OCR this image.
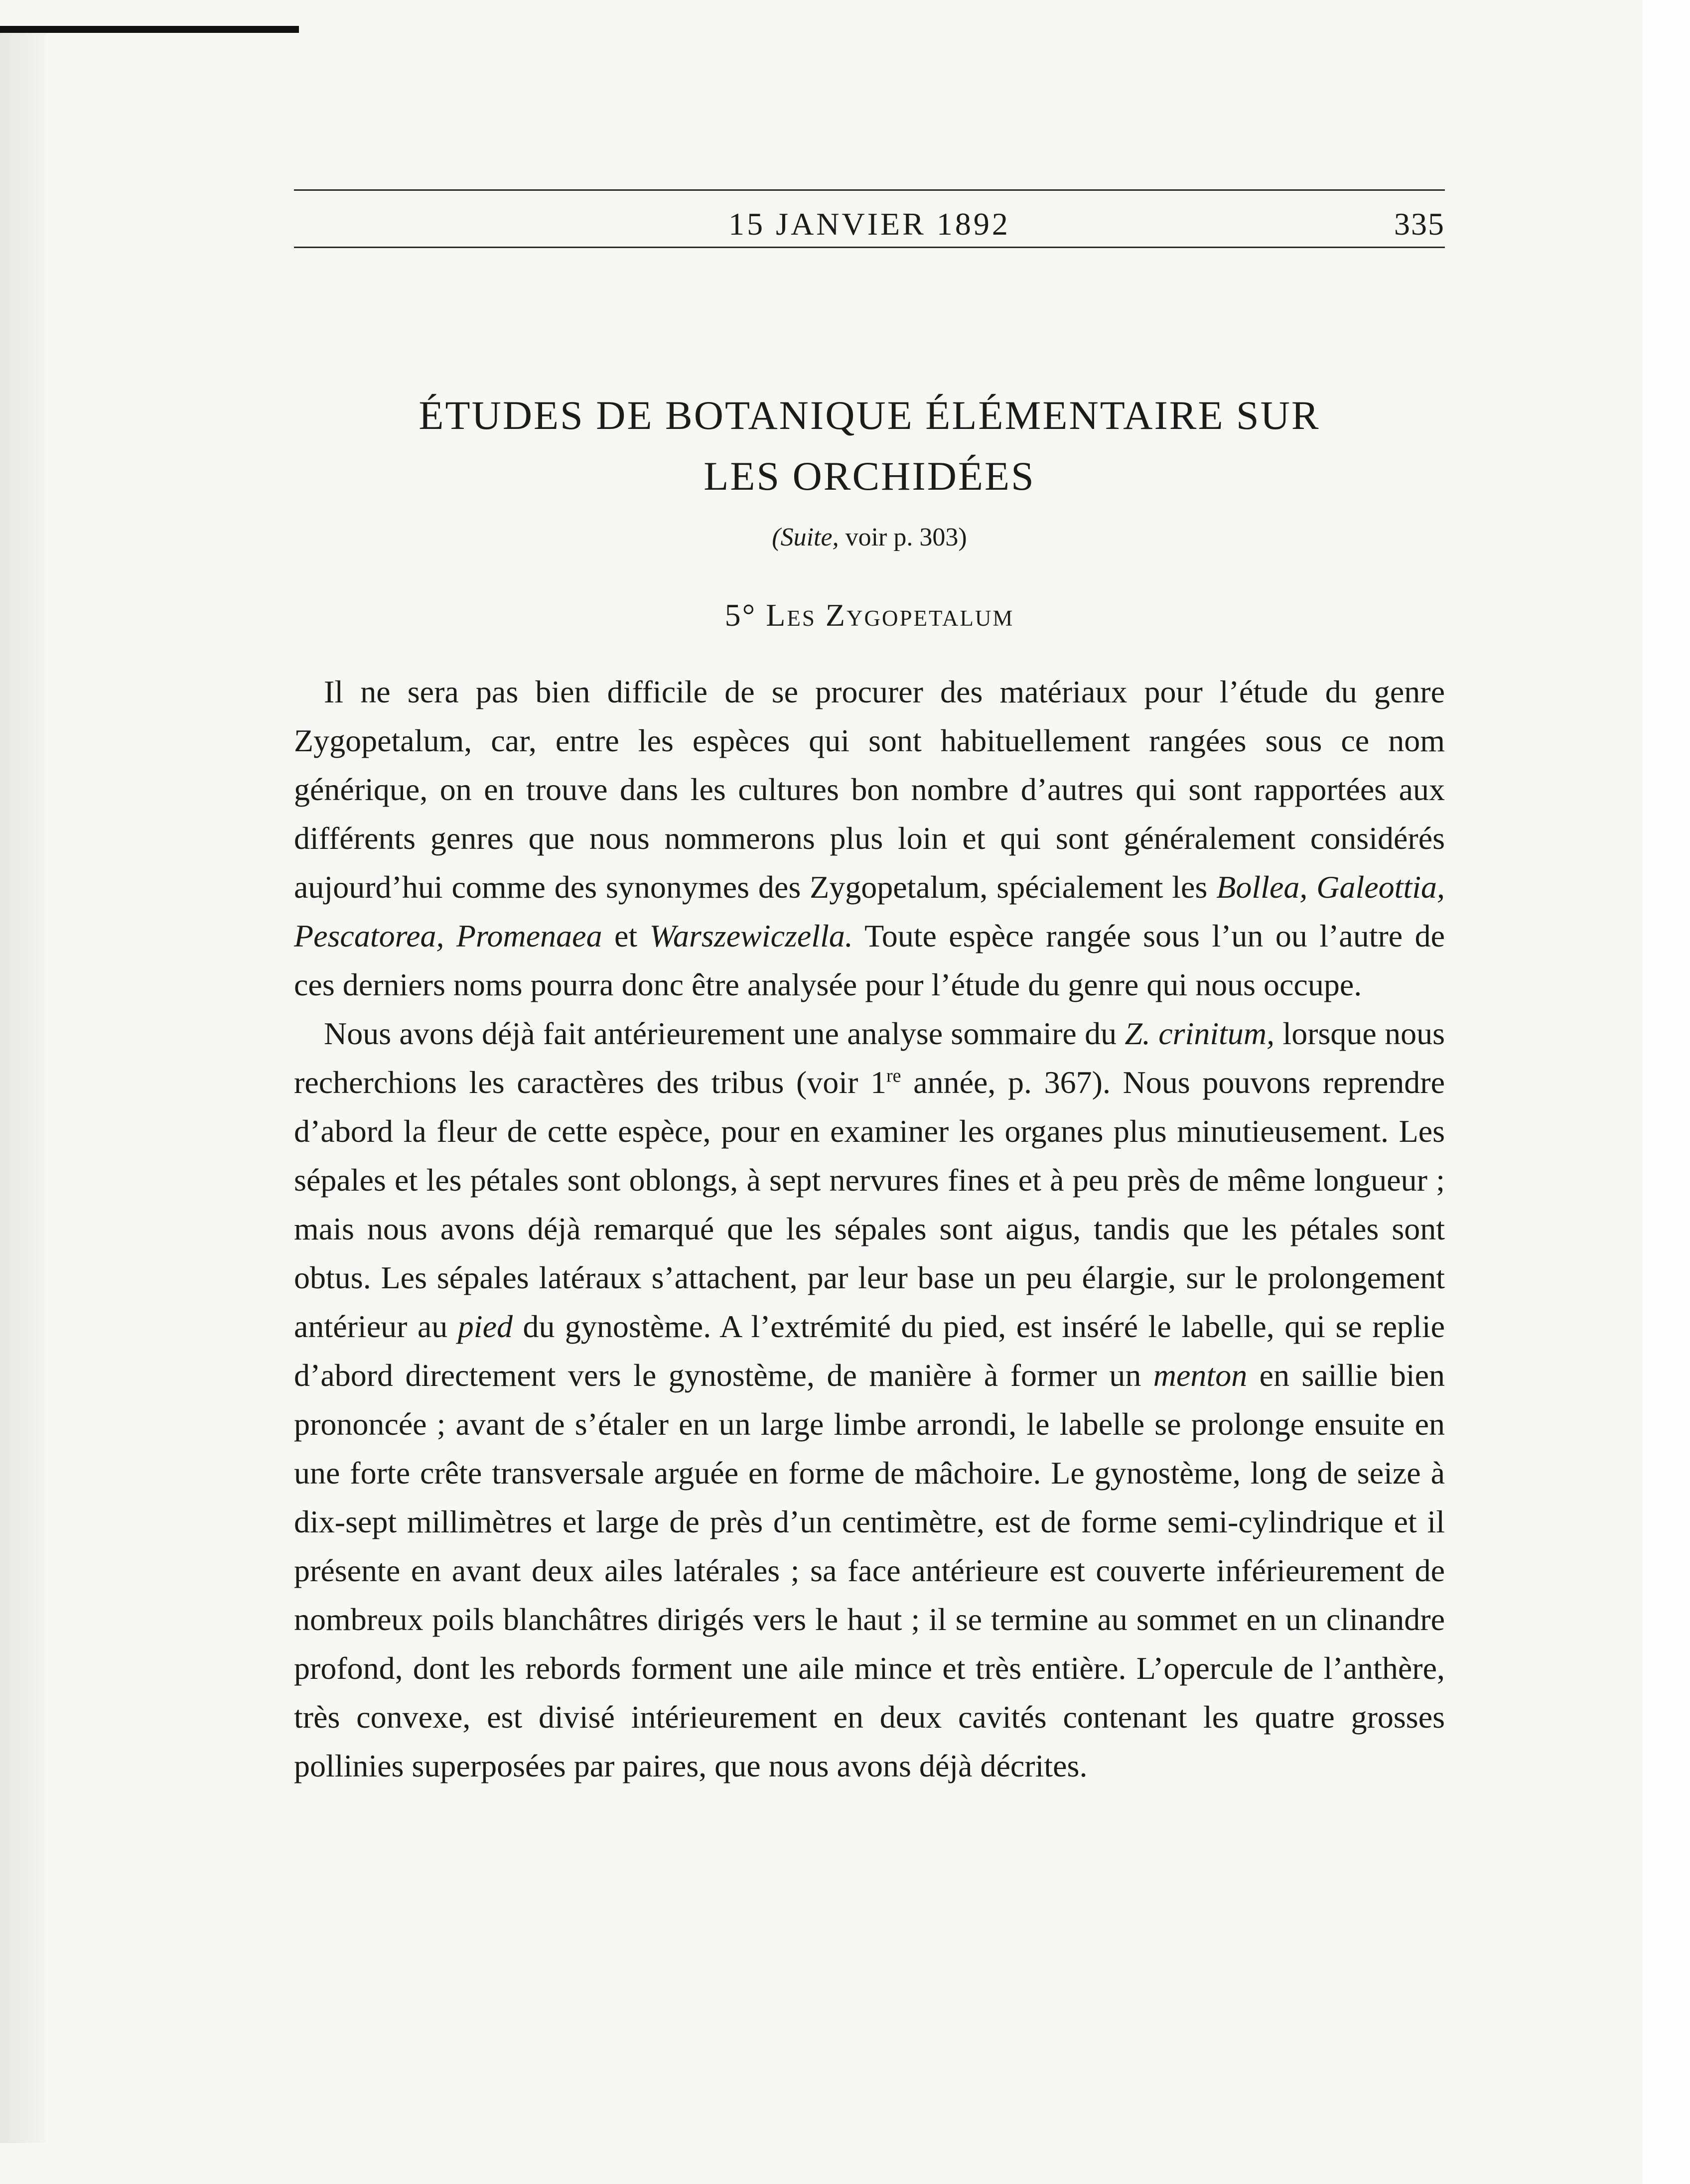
15 JANVIER 1892	335
ÉTUDES DE BOTANIQUE ÉLÉMENTAIRE SUR
LES ORCHIDÉES
(Suite, voir p. 303)
5° Les Zygopetalum

Il ne sera pas bien difficile de se procurer des matériaux pour l’étude du genre Zygopetalum, car, entre les espèces qui sont habituellement rangées sous ce nom générique, on en trouve dans les cultures bon nombre d’autres qui sont rapportées aux différents genres que nous nommerons plus loin et qui sont généralement considérés aujourd’hui comme des synonymes des Zygopetalum, spécialement les Bollea, Galeottia, Pescatorea, Promenaea et Warszewiczella. Toute espèce rangée sous l’un ou l’autre de ces derniers noms pourra donc être analysée pour l’étude du genre qui nous occupe.

Nous avons déjà fait antérieurement une analyse sommaire du Z. crinitum, lorsque nous recherchions les caractères des tribus (voir 1re année, p. 367). Nous pouvons reprendre d’abord la fleur de cette espèce, pour en examiner les organes plus minutieusement. Les sépales et les pétales sont oblongs, à sept nervures fines et à peu près de même longueur ; mais nous avons déjà remarqué que les sépales sont aigus, tandis que les pétales sont obtus. Les sépales latéraux s’attachent, par leur base un peu élargie, sur le prolongement antérieur au pied du gynostème. A l’extrémité du pied, est inséré le labelle, qui se replie d’abord directement vers le gynostème, de manière à former un menton en saillie bien prononcée ; avant de s’étaler en un large limbe arrondi, le labelle se prolonge ensuite en une forte crête transversale arguée en forme de mâchoire. Le gynostème, long de seize à dix-sept millimètres et large de près d’un centimètre, est de forme semi-cylindrique et il présente en avant deux ailes latérales ; sa face antérieure est couverte inférieurement de nombreux poils blanchâtres dirigés vers le haut ; il se termine au sommet en un clinandre profond, dont les rebords forment une aile mince et très entière. L’opercule de l’anthère, très convexe, est divisé intérieurement en deux cavités contenant les quatre grosses pollinies superposées par paires, que nous avons déjà décrites.
